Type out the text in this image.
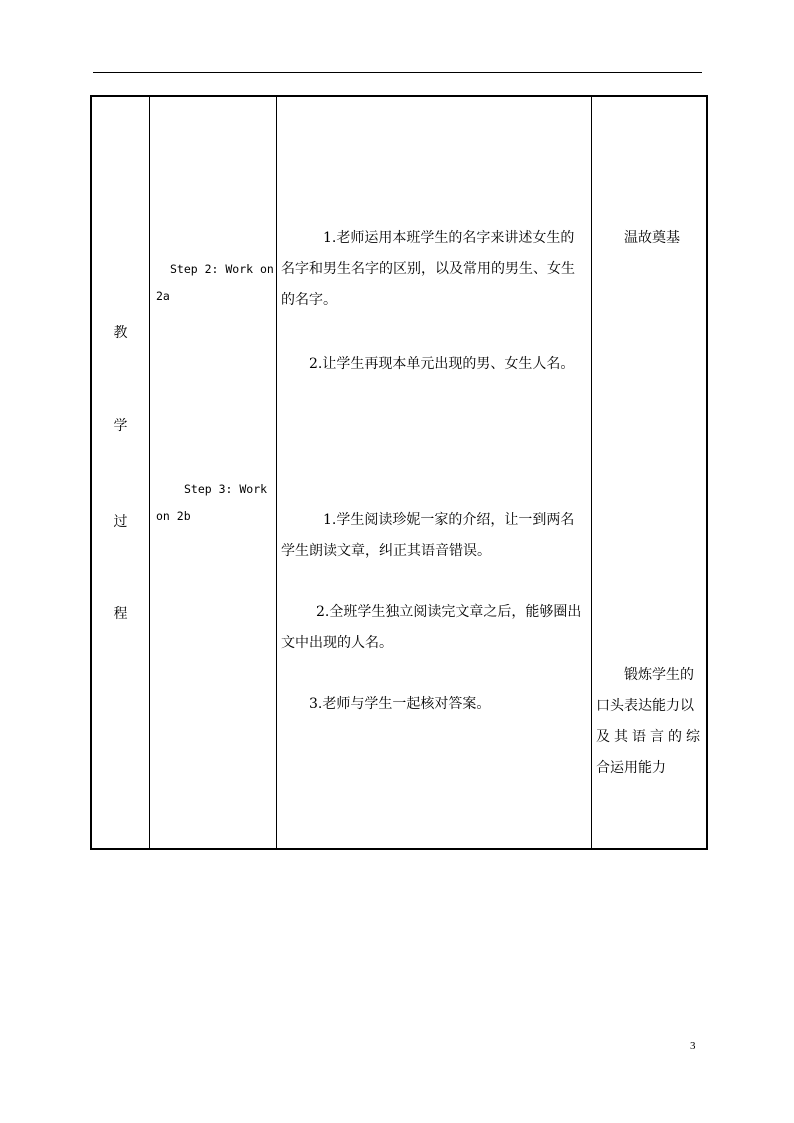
教
学
过
程

Step 2: Work on
2a
Step 3: Work
on 2b

1.老师运用本班学生的名字来讲述女生的
名字和男生名字的区别，以及常用的男生、女生
的名字。
2.让学生再现本单元出现的男、女生人名。
1.学生阅读珍妮一家的介绍，让一到两名
学生朗读文章，纠正其语音错误。
2.全班学生独立阅读完文章之后，能够圈出
文中出现的人名。
3.老师与学生一起核对答案。

温故奠基
锻炼学生的
口头表达能力以
及其语言的综
合运用能力
3
